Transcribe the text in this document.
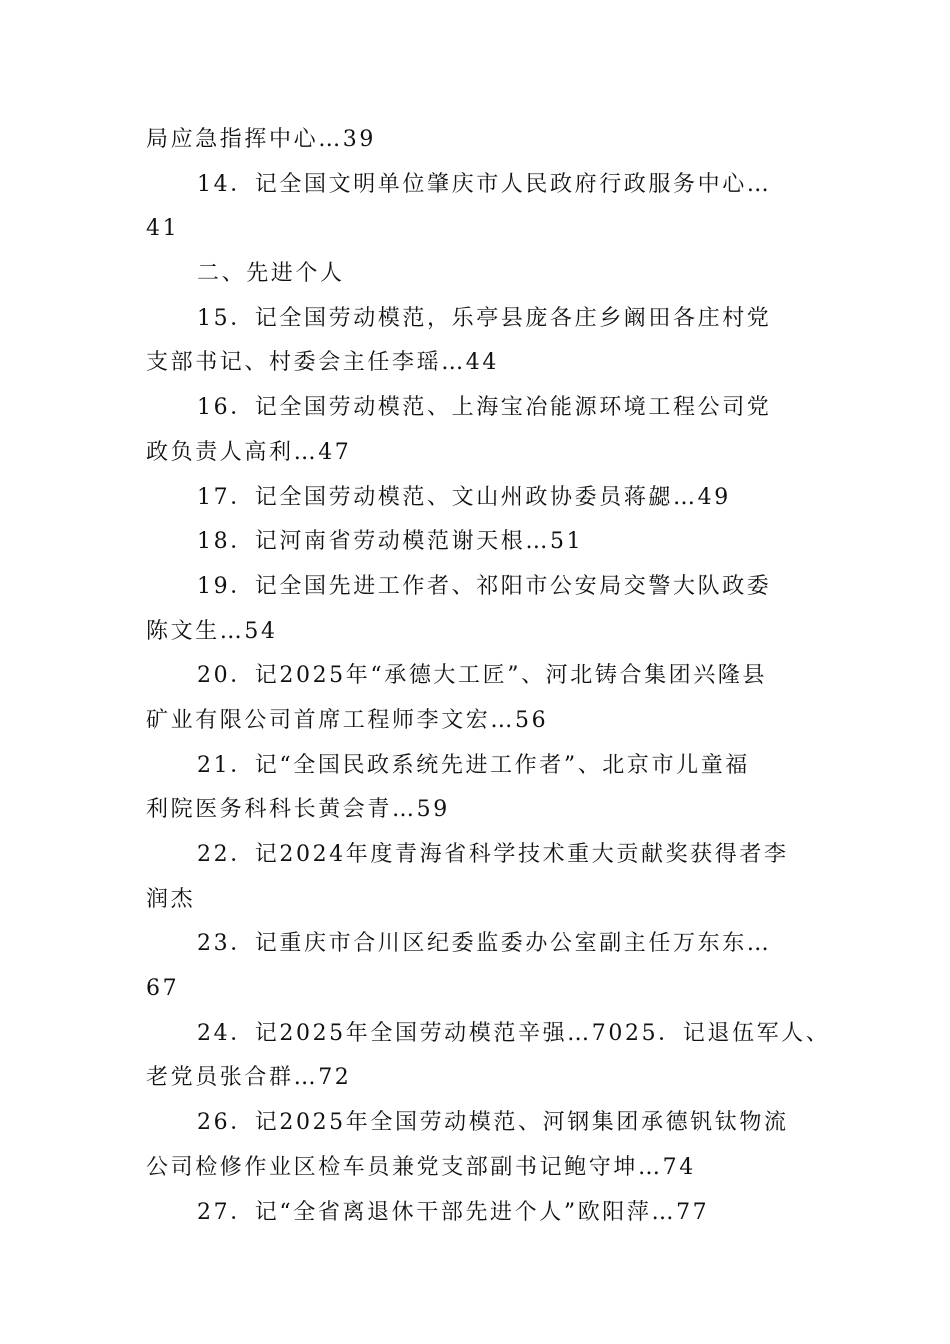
局应急指挥中心…39
14．记全国文明单位肇庆市人民政府行政服务中心…
41
二、先进个人
15．记全国劳动模范，乐亭县庞各庄乡阚田各庄村党
支部书记、村委会主任李瑶…44
16．记全国劳动模范、上海宝冶能源环境工程公司党
政负责人高利…47
17．记全国劳动模范、文山州政协委员蒋勰…49
18．记河南省劳动模范谢天根…51
19．记全国先进工作者、祁阳市公安局交警大队政委
陈文生…54
20．记2025年“承德大工匠”、河北铸合集团兴隆县
矿业有限公司首席工程师李文宏…56
21．记“全国民政系统先进工作者”、北京市儿童福
利院医务科科长黄会青…59
22．记2024年度青海省科学技术重大贡献奖获得者李
润杰
23．记重庆市合川区纪委监委办公室副主任万东东…
67
24．记2025年全国劳动模范辛强…7025．记退伍军人、
老党员张合群…72
26．记2025年全国劳动模范、河钢集团承德钒钛物流
公司检修作业区检车员兼党支部副书记鲍守坤…74
27．记“全省离退休干部先进个人”欧阳萍…77
